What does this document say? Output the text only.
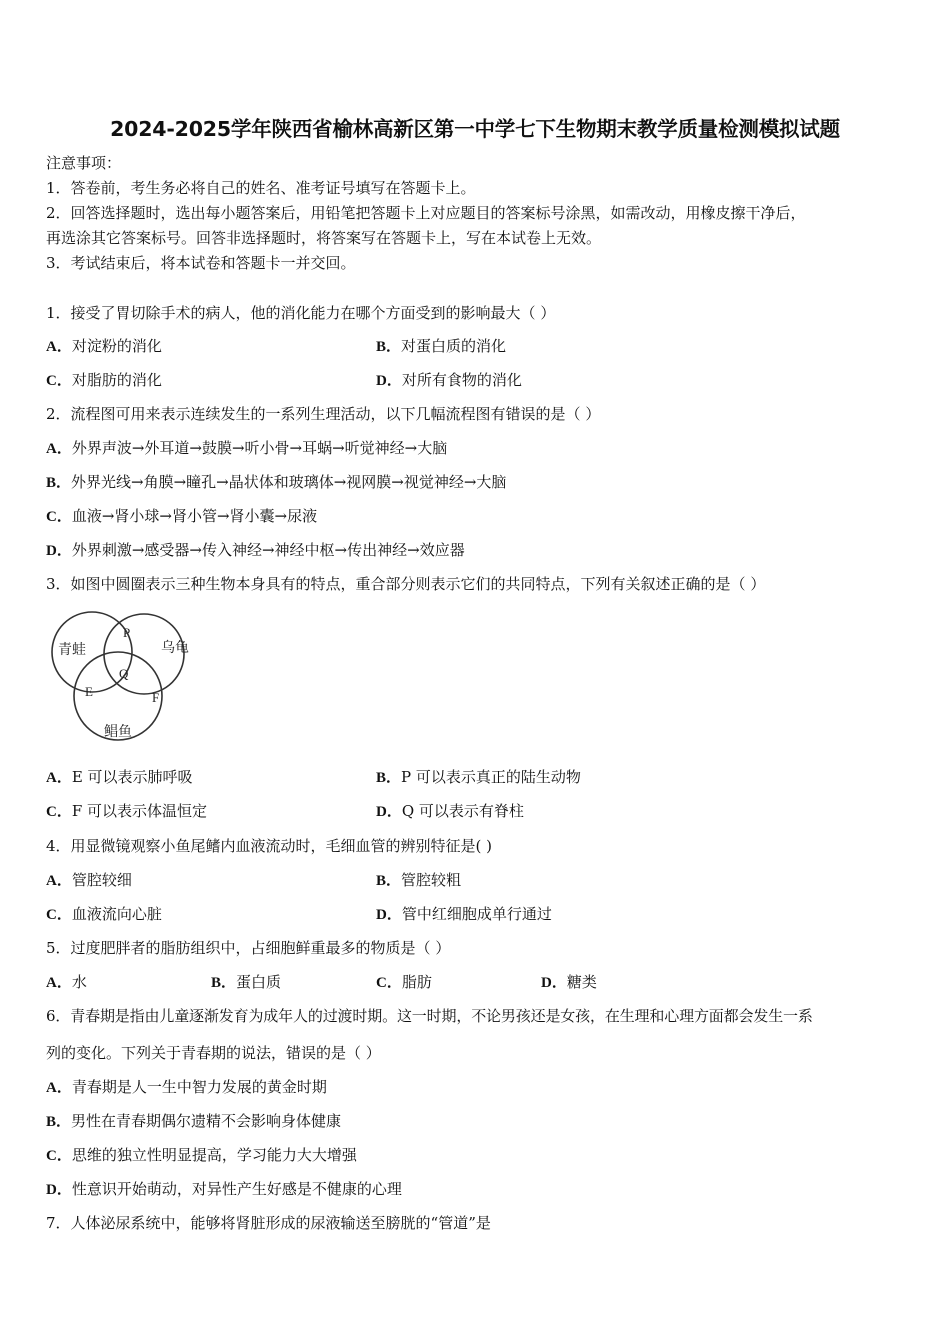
2024-2025学年陕西省榆林高新区第一中学七下生物期末教学质量检测模拟试题
注意事项：
1．答卷前，考生务必将自己的姓名、准考证号填写在答题卡上。
2．回答选择题时，选出每小题答案后，用铅笔把答题卡上对应题目的答案标号涂黑，如需改动，用橡皮擦干净后，
再选涂其它答案标号。回答非选择题时，将答案写在答题卡上，写在本试卷上无效。
3．考试结束后，将本试卷和答题卡一并交回。
1．接受了胃切除手术的病人，他的消化能力在哪个方面受到的影响最大（ ）
A．对淀粉的消化	B．对蛋白质的消化
C．对脂肪的消化	D．对所有食物的消化
2．流程图可用来表示连续发生的一系列生理活动，以下几幅流程图有错误的是（ ）
A．外界声波→外耳道→鼓膜→听小骨→耳蜗→听觉神经→大脑
B．外界光线→角膜→瞳孔→晶状体和玻璃体→视网膜→视觉神经→大脑
C．血液→肾小球→肾小管→肾小囊→尿液
D．外界刺激→感受器→传入神经→神经中枢→传出神经→效应器
3．如图中圆圈表示三种生物本身具有的特点，重合部分则表示它们的共同特点，下列有关叙述正确的是（ ）
青蛙	乌龟
鲳鱼
P
Q
E	F
A．E 可以表示肺呼吸	B．P 可以表示真正的陆生动物
C．F 可以表示体温恒定	D．Q 可以表示有脊柱
4．用显微镜观察小鱼尾鳍内血液流动时，毛细血管的辨别特征是( )
A．管腔较细	B．管腔较粗
C．血液流向心脏	D．管中红细胞成单行通过
5．过度肥胖者的脂肪组织中，占细胞鲜重最多的物质是（ ）
A．水	B．蛋白质	C．脂肪	D．糖类
6．青春期是指由儿童逐渐发育为成年人的过渡时期。这一时期，不论男孩还是女孩，在生理和心理方面都会发生一系
列的变化。下列关于青春期的说法，错误的是（ ）
A．青春期是人一生中智力发展的黄金时期
B．男性在青春期偶尔遗精不会影响身体健康
C．思维的独立性明显提高，学习能力大大增强
D．性意识开始萌动，对异性产生好感是不健康的心理
7．人体泌尿系统中，能够将肾脏形成的尿液输送至膀胱的“管道”是
